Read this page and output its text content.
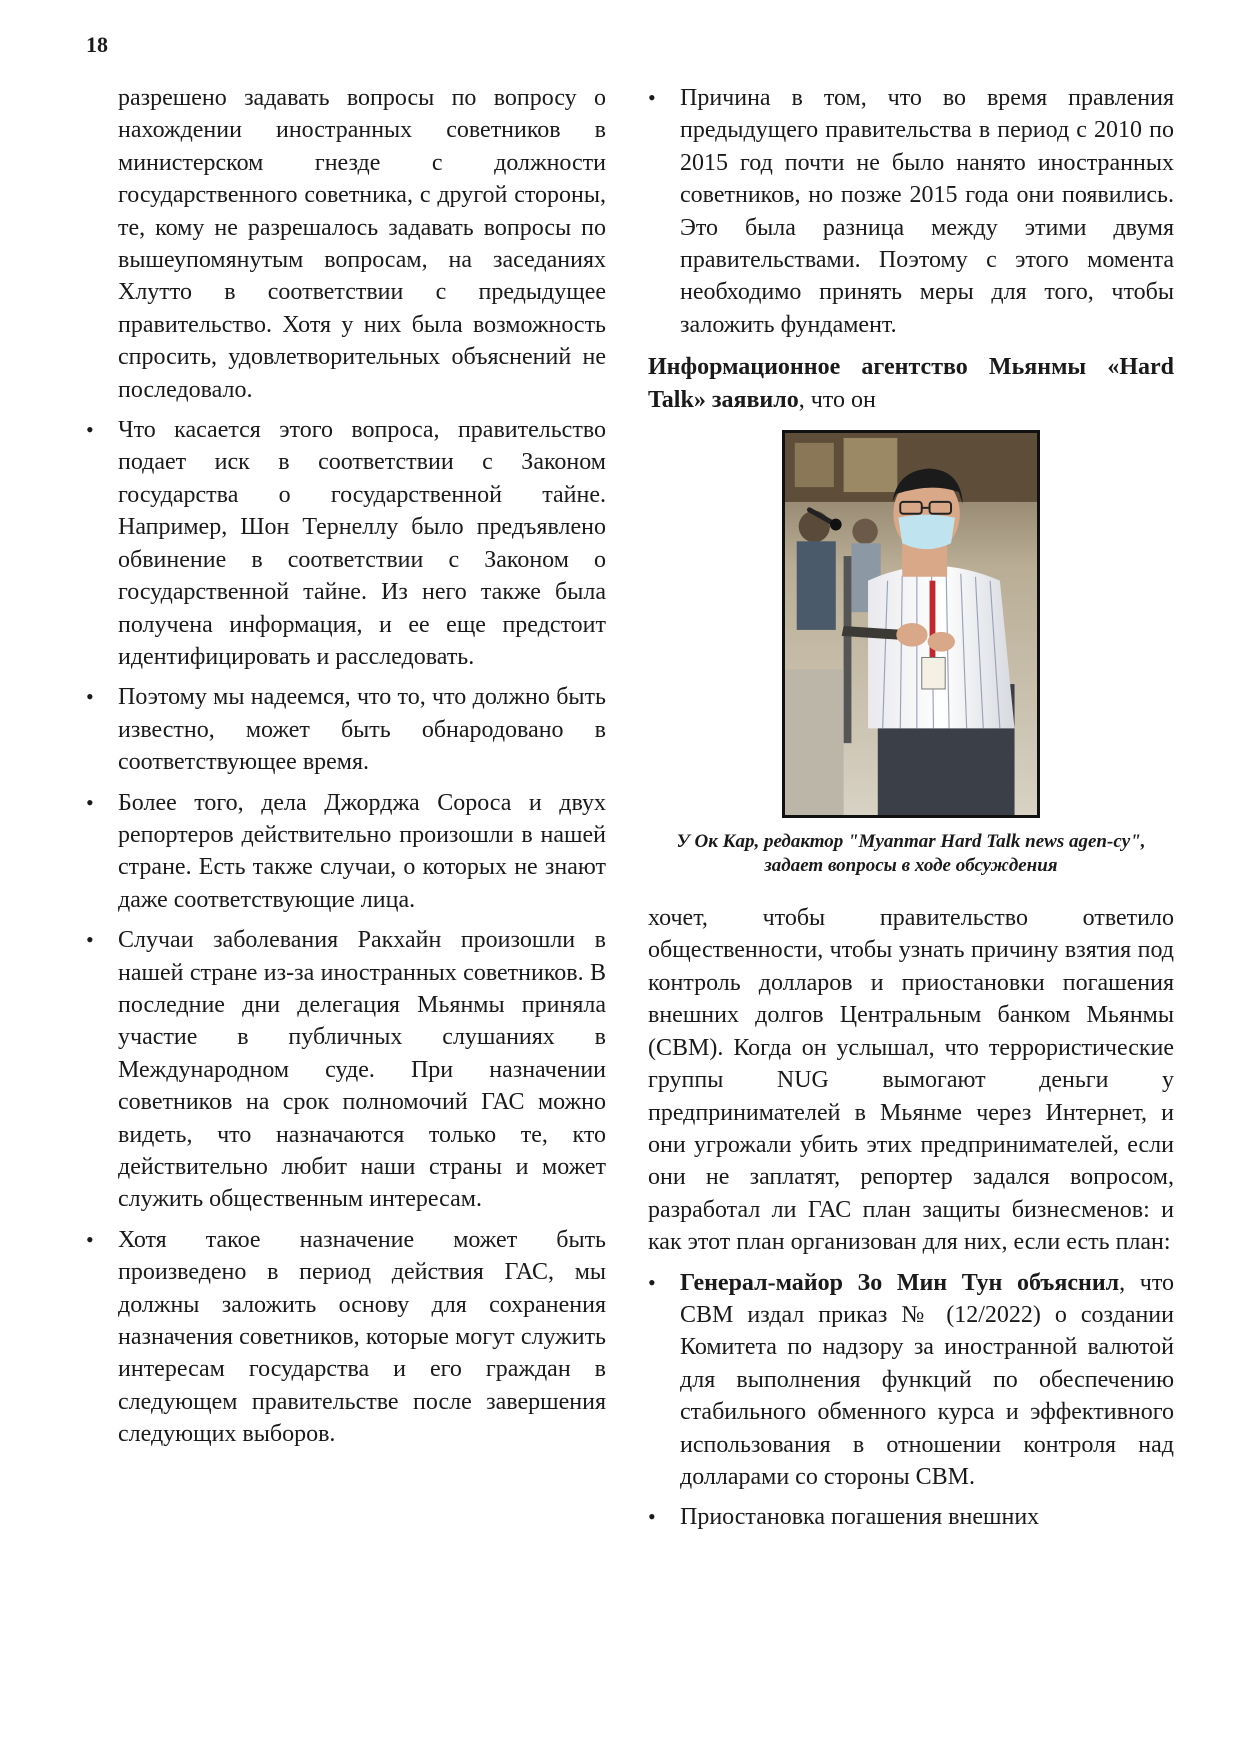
18

разрешено задавать вопросы по вопросу о нахождении иностранных советников в министерском гнезде с должности государственного советника, с другой стороны, те, кому не разрешалось задавать вопросы по вышеупомянутым вопросам, на заседаниях Хлутто в соответствии с предыдущее правительство. Хотя у них была возможность спросить, удовлетворительных объяснений не последовало.

• Что касается этого вопроса, правительство подает иск в соответствии с Законом государства о государственной тайне. Например, Шон Тернеллу было предъявлено обвинение в соответствии с Законом о государственной тайне. Из него также была получена информация, и ее еще предстоит идентифицировать и расследовать.
• Поэтому мы надеемся, что то, что должно быть известно, может быть обнародовано в соответствующее время.
• Более того, дела Джорджа Сороса и двух репортеров действительно произошли в нашей стране. Есть также случаи, о которых не знают даже соответствующие лица.
• Случаи заболевания Ракхайн произошли в нашей стране из-за иностранных советников. В последние дни делегация Мьянмы приняла участие в публичных слушаниях в Международном суде. При назначении советников на срок полномочий ГАС можно видеть, что назначаются только те, кто действительно любит наши страны и может служить общественным интересам.
• Хотя такое назначение может быть произведено в период действия ГАС, мы должны заложить основу для сохранения назначения советников, которые могут служить интересам государства и его граждан в следующем правительстве после завершения следующих выборов.
• Причина в том, что во время правления предыдущего правительства в период с 2010 по 2015 год почти не было нанято иностранных советников, но позже 2015 года они появились. Это была разница между этими двумя правительствами. Поэтому с этого момента необходимо принять меры для того, чтобы заложить фундамент.

Информационное агентство Мьянмы «Hard Talk» заявило, что он

У Ок Кар, редактор "Myanmar Hard Talk news agen-cy", задает вопросы в ходе обсуждения

хочет, чтобы правительство ответило общественности, чтобы узнать причину взятия под контроль долларов и приостановки погашения внешних долгов Центральным банком Мьянмы (CBM). Когда он услышал, что террористические группы NUG вымогают деньги у предпринимателей в Мьянме через Интернет, и они угрожали убить этих предпринимателей, если они не заплатят, репортер задался вопросом, разработал ли ГАС план защиты бизнесменов: и как этот план организован для них, если есть план:

• Генерал-майор Зо Мин Тун объяснил, что CBM издал приказ № (12/2022) о создании Комитета по надзору за иностранной валютой для выполнения функций по обеспечению стабильного обменного курса и эффективного использования в отношении контроля над долларами со стороны CBM.
• Приостановка погашения внешних
